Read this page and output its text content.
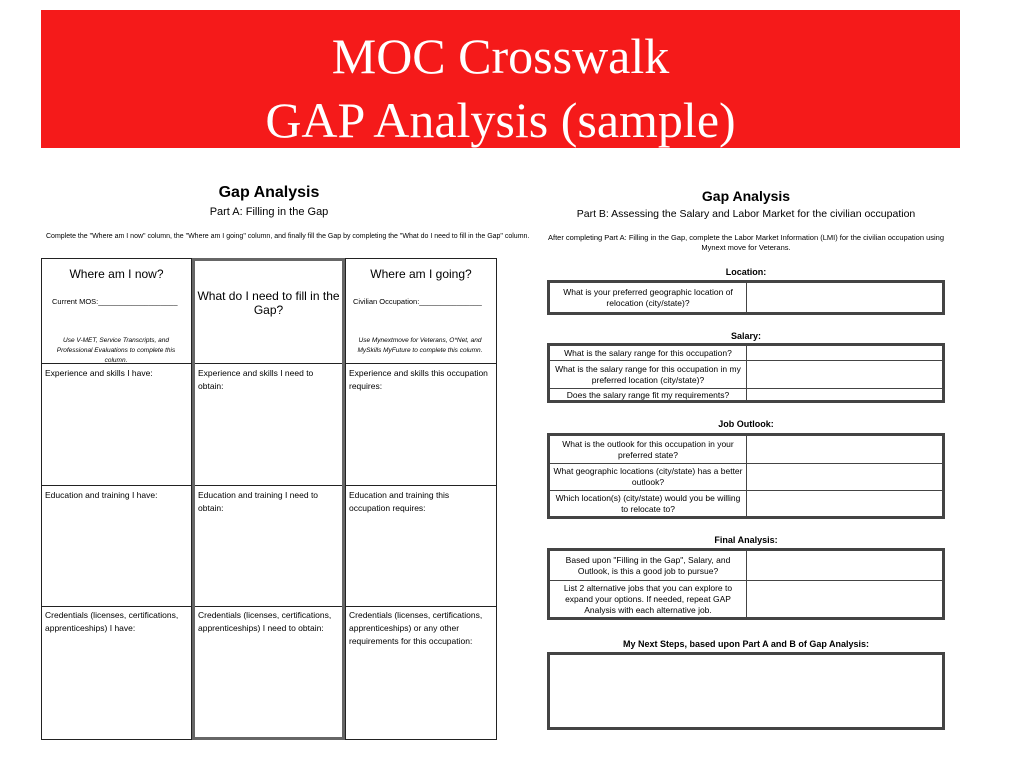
MOC Crosswalk
GAP Analysis (sample)
Gap Analysis
Part A: Filling in the Gap
Complete the "Where am I now" column, the "Where am I going" column, and finally fill the Gap by completing the "What do I need to fill in the Gap" column.
Where am I now?
Current MOS:___________________
Use V-MET, Service Transcripts, and Professional Evaluations to complete this column.
Experience and skills I have:
Education and training I have:
Credentials (licenses, certifications, apprenticeships) I have:
What do I need to fill in the Gap?
Experience and skills I need to obtain:
Education and training I need to obtain:
Credentials (licenses, certifications, apprenticeships) I need to obtain:
Where am I going?
Civilian Occupation:_______________
Use Mynextmove for Veterans, O*Net, and MySkills MyFuture to complete this column.
Experience and skills this occupation requires:
Education and training this occupation requires:
Credentials (licenses, certifications, apprenticeships) or any other requirements for this occupation:
Gap Analysis
Part B: Assessing the Salary and Labor Market for the civilian occupation
After completing Part A: Filling in the Gap, complete the Labor Market Information (LMI) for the civilian occupation using Mynext move for Veterans.
Location:
What is your preferred geographic location of relocation (city/state)?
Salary:
What is the salary range for this occupation?
What is the salary range for this occupation in my preferred location (city/state)?
Does the salary range fit my requirements?
Job Outlook:
What is the outlook for this occupation in your preferred state?
What geographic locations (city/state) has a better outlook?
Which location(s) (city/state) would you be willing to relocate to?
Final Analysis:
Based upon "Filling in the Gap", Salary, and Outlook, is this a good job to pursue?
List 2 alternative jobs that you can explore to expand your options. If needed, repeat GAP Analysis with each alternative job.
My Next Steps, based upon Part A and B of Gap Analysis:
